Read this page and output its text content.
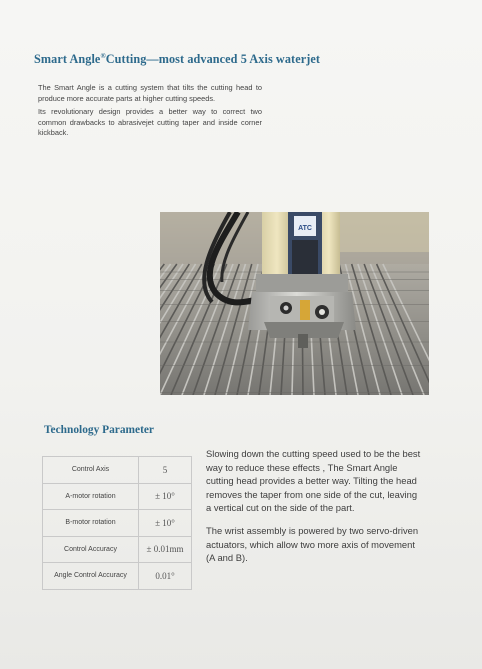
Smart Angle®Cutting—most advanced 5 Axis waterjet

The Smart Angle is a cutting system that tilts the cutting head to produce more accurate parts at higher cutting speeds.

Its revolutionary design provides a better way to correct two common drawbacks to abrasivejet cutting taper and inside corner kickback.

ATC
Technology Parameter
Control Axis	5
A-motor rotation	± 10°
B-motor rotation	± 10°
Control Accuracy	± 0.01mm
Angle Control Accuracy	0.01°

Slowing down the cutting speed used to be the best way to reduce these effects , The Smart Angle cutting head provides a better way. Tilting the head removes the taper from one side of the cut, leaving a vertical cut on the side of the part.

The wrist assembly is powered by two servo-driven actuators, which allow two more axis of movement (A and B).
